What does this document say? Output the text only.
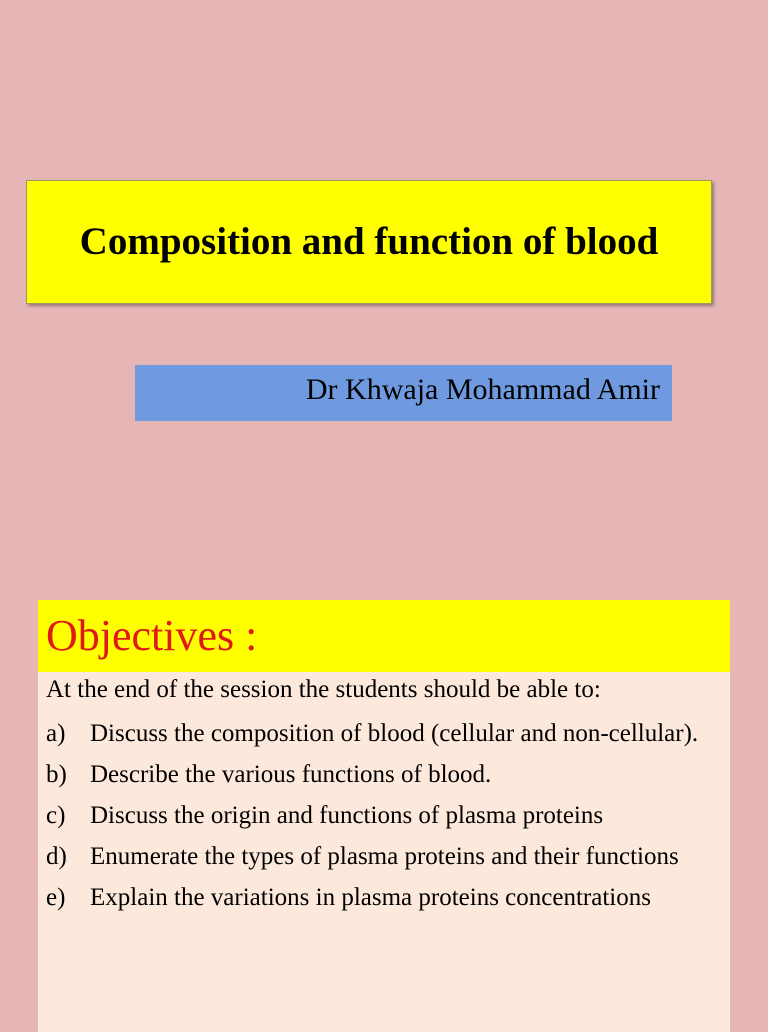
Composition and function of blood
Dr Khwaja Mohammad Amir
Objectives :
At the end of the session the students should be able to:
a) Discuss the composition of blood (cellular and non-cellular).
b) Describe the various functions of blood.
c) Discuss the origin and functions of plasma proteins
d) Enumerate the types of plasma proteins and their functions
e) Explain the variations in plasma proteins concentrations
